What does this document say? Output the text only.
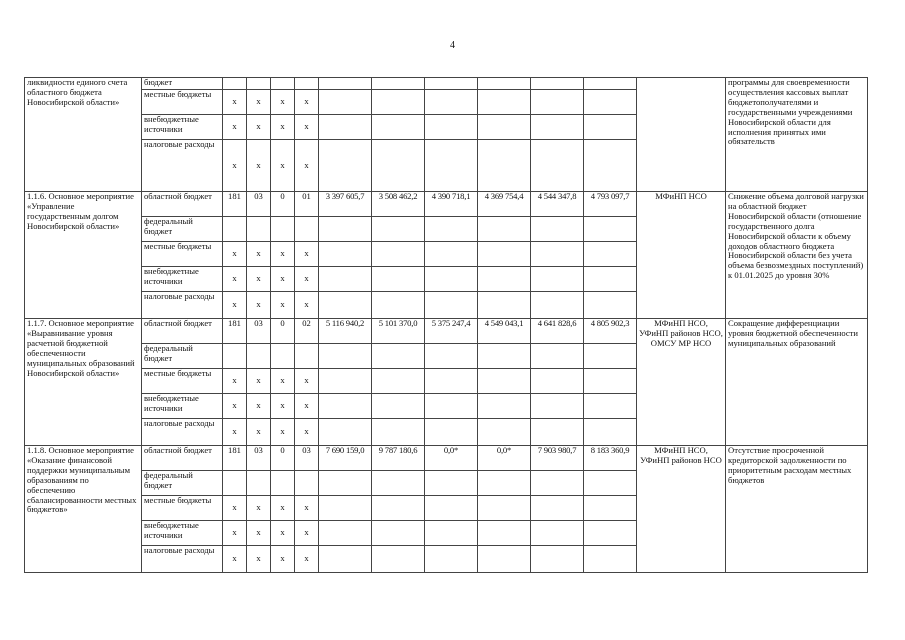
4
ликвидности единого счета областного бюджета Новосибирской области»	бюджет												программы для своевременности осуществления кассовых выплат бюджетополучателями и государственными учреждениями Новосибирской области для исполнения принятых ими обязательств
	местные бюджеты	х	х	х	х								
	внебюджетные источники	х	х	х	х								
	налоговые расходы	х	х	х	х								
1.1.6. Основное мероприятие «Управление государственным долгом Новосибирской области»	областной бюджет	181	03	0	01	3 397 605,7	3 508 462,2	4 390 718,1	4 369 754,4	4 544 347,8	4 793 097,7	МФиНП НСО	Снижение объема долговой нагрузки на областной бюджет Новосибирской области (отношение государственного долга Новосибирской области к объему доходов областного бюджета Новосибирской области без учета объема безвозмездных поступлений) к 01.01.2025 до уровня 30%
	федеральный бюджет												
	местные бюджеты	х	х	х	х								
	внебюджетные источники	х	х	х	х								
	налоговые расходы	х	х	х	х								
1.1.7. Основное мероприятие «Выравнивание уровня расчетной бюджетной обеспеченности муниципальных образований Новосибирской области»	областной бюджет	181	03	0	02	5 116 940,2	5 101 370,0	5 375 247,4	4 549 043,1	4 641 828,6	4 805 902,3	МФиНП НСО, УФиНП районов НСО, ОМСУ МР НСО	Сокращение дифференциации уровня бюджетной обеспеченности муниципальных образований
	федеральный бюджет												
	местные бюджеты	х	х	х	х								
	внебюджетные источники	х	х	х	х								
	налоговые расходы	х	х	х	х								
1.1.8. Основное мероприятие «Оказание финансовой поддержки муниципальным образованиям по обеспечению сбалансированности местных бюджетов»	областной бюджет	181	03	0	03	7 690 159,0	9 787 180,6	0,0*	0,0*	7 903 980,7	8 183 360,9	МФиНП НСО, УФиНП районов НСО	Отсутствие просроченной кредиторской задолженности по приоритетным расходам местных бюджетов
	федеральный бюджет												
	местные бюджеты	х	х	х	х								
	внебюджетные источники	х	х	х	х								
	налоговые расходы	х	х	х	х								
